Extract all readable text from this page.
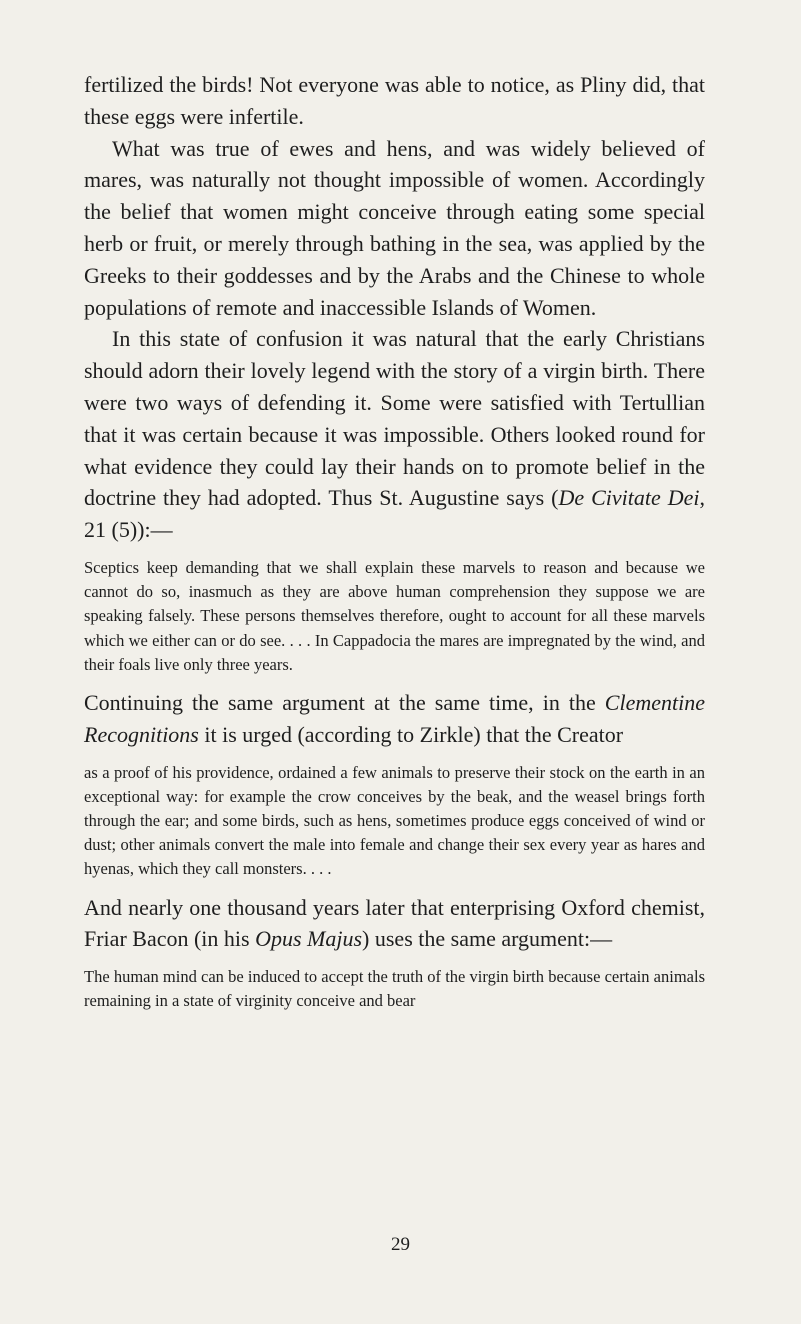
fertilized the birds! Not everyone was able to notice, as Pliny did, that these eggs were infertile.

What was true of ewes and hens, and was widely believed of mares, was naturally not thought impossible of women. Accordingly the belief that women might conceive through eating some special herb or fruit, or merely through bathing in the sea, was applied by the Greeks to their goddesses and by the Arabs and the Chinese to whole populations of remote and inaccessible Islands of Women.

In this state of confusion it was natural that the early Christians should adorn their lovely legend with the story of a virgin birth. There were two ways of defending it. Some were satisfied with Tertullian that it was certain because it was impossible. Others looked round for what evidence they could lay their hands on to promote belief in the doctrine they had adopted. Thus St. Augustine says (De Civitate Dei, 21 (5)):—

Sceptics keep demanding that we shall explain these marvels to reason and because we cannot do so, inasmuch as they are above human comprehension they suppose we are speaking falsely. These persons themselves therefore, ought to account for all these marvels which we either can or do see. . . . In Cappadocia the mares are impregnated by the wind, and their foals live only three years.

Continuing the same argument at the same time, in the Clementine Recognitions it is urged (according to Zirkle) that the Creator

as a proof of his providence, ordained a few animals to preserve their stock on the earth in an exceptional way: for example the crow conceives by the beak, and the weasel brings forth through the ear; and some birds, such as hens, sometimes produce eggs conceived of wind or dust; other animals convert the male into female and change their sex every year as hares and hyenas, which they call monsters. . . .

And nearly one thousand years later that enterprising Oxford chemist, Friar Bacon (in his Opus Majus) uses the same argument:—

The human mind can be induced to accept the truth of the virgin birth because certain animals remaining in a state of virginity conceive and bear

29
